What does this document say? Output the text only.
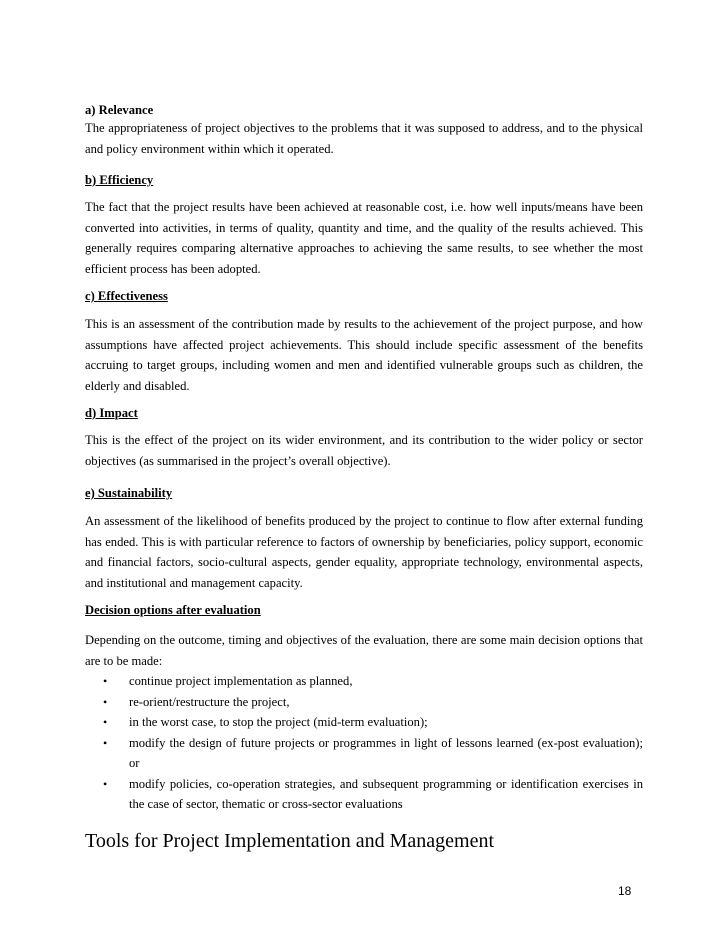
a) Relevance
The appropriateness of project objectives to the problems that it was supposed to address, and to the physical and policy environment within which it operated.
b) Efficiency
The fact that the project results have been achieved at reasonable cost, i.e. how well inputs/means have been converted into activities, in terms of quality, quantity and time, and the quality of the results achieved. This generally requires comparing alternative approaches to achieving the same results, to see whether the most efficient process has been adopted.
c) Effectiveness
This is an assessment of the contribution made by results to the achievement of the project purpose, and how assumptions have affected project achievements. This should include specific assessment of the benefits accruing to target groups, including women and men and identified vulnerable groups such as children, the elderly and disabled.
d) Impact
This is the effect of the project on its wider environment, and its contribution to the wider policy or sector objectives (as summarised in the project’s overall objective).
e) Sustainability
An assessment of the likelihood of benefits produced by the project to continue to flow after external funding has ended. This is with particular reference to factors of ownership by beneficiaries, policy support, economic and financial factors, socio-cultural aspects, gender equality, appropriate technology, environmental aspects, and institutional and management capacity.
Decision options after evaluation
Depending on the outcome, timing and objectives of the evaluation, there are some main decision options that are to be made:
• continue project implementation as planned,
• re-orient/restructure the project,
• in the worst case, to stop the project (mid-term evaluation);
• modify the design of future projects or programmes in light of lessons learned (ex-post evaluation); or
• modify policies, co-operation strategies, and subsequent programming or identification exercises in the case of sector, thematic or cross-sector evaluations
Tools for Project Implementation and Management
18
